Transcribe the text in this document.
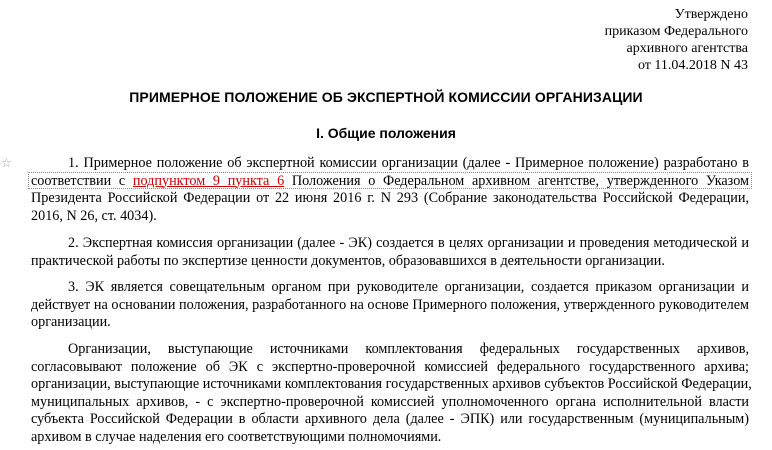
Утверждено
приказом Федерального
архивного агентства
от 11.04.2018 N 43
ПРИМЕРНОЕ ПОЛОЖЕНИЕ ОБ ЭКСПЕРТНОЙ КОМИССИИ ОРГАНИЗАЦИИ
I. Общие положения
☆	1. Примерное положение об экспертной комиссии организации (далее - Примерное положение) разработано в
соответствии с подпунктом 9 пункта 6 Положения о Федеральном архивном агентстве, утвержденного Указом
Президента Российской Федерации от 22 июня 2016 г. N 293 (Собрание законодательства Российской Федерации,
2016, N 26, ст. 4034).
2. Экспертная комиссия организации (далее - ЭК) создается в целях организации и проведения методической и
практической работы по экспертизе ценности документов, образовавшихся в деятельности организации.
3. ЭК является совещательным органом при руководителе организации, создается приказом организации и
действует на основании положения, разработанного на основе Примерного положения, утвержденного руководителем
организации.
Организации, выступающие источниками комплектования федеральных государственных архивов,
согласовывают положение об ЭК с экспертно-проверочной комиссией федерального государственного архива;
организации, выступающие источниками комплектования государственных архивов субъектов Российской Федерации,
муниципальных архивов, - с экспертно-проверочной комиссией уполномоченного органа исполнительной власти
субъекта Российской Федерации в области архивного дела (далее - ЭПК) или государственным (муниципальным)
архивом в случае наделения его соответствующими полномочиями.
